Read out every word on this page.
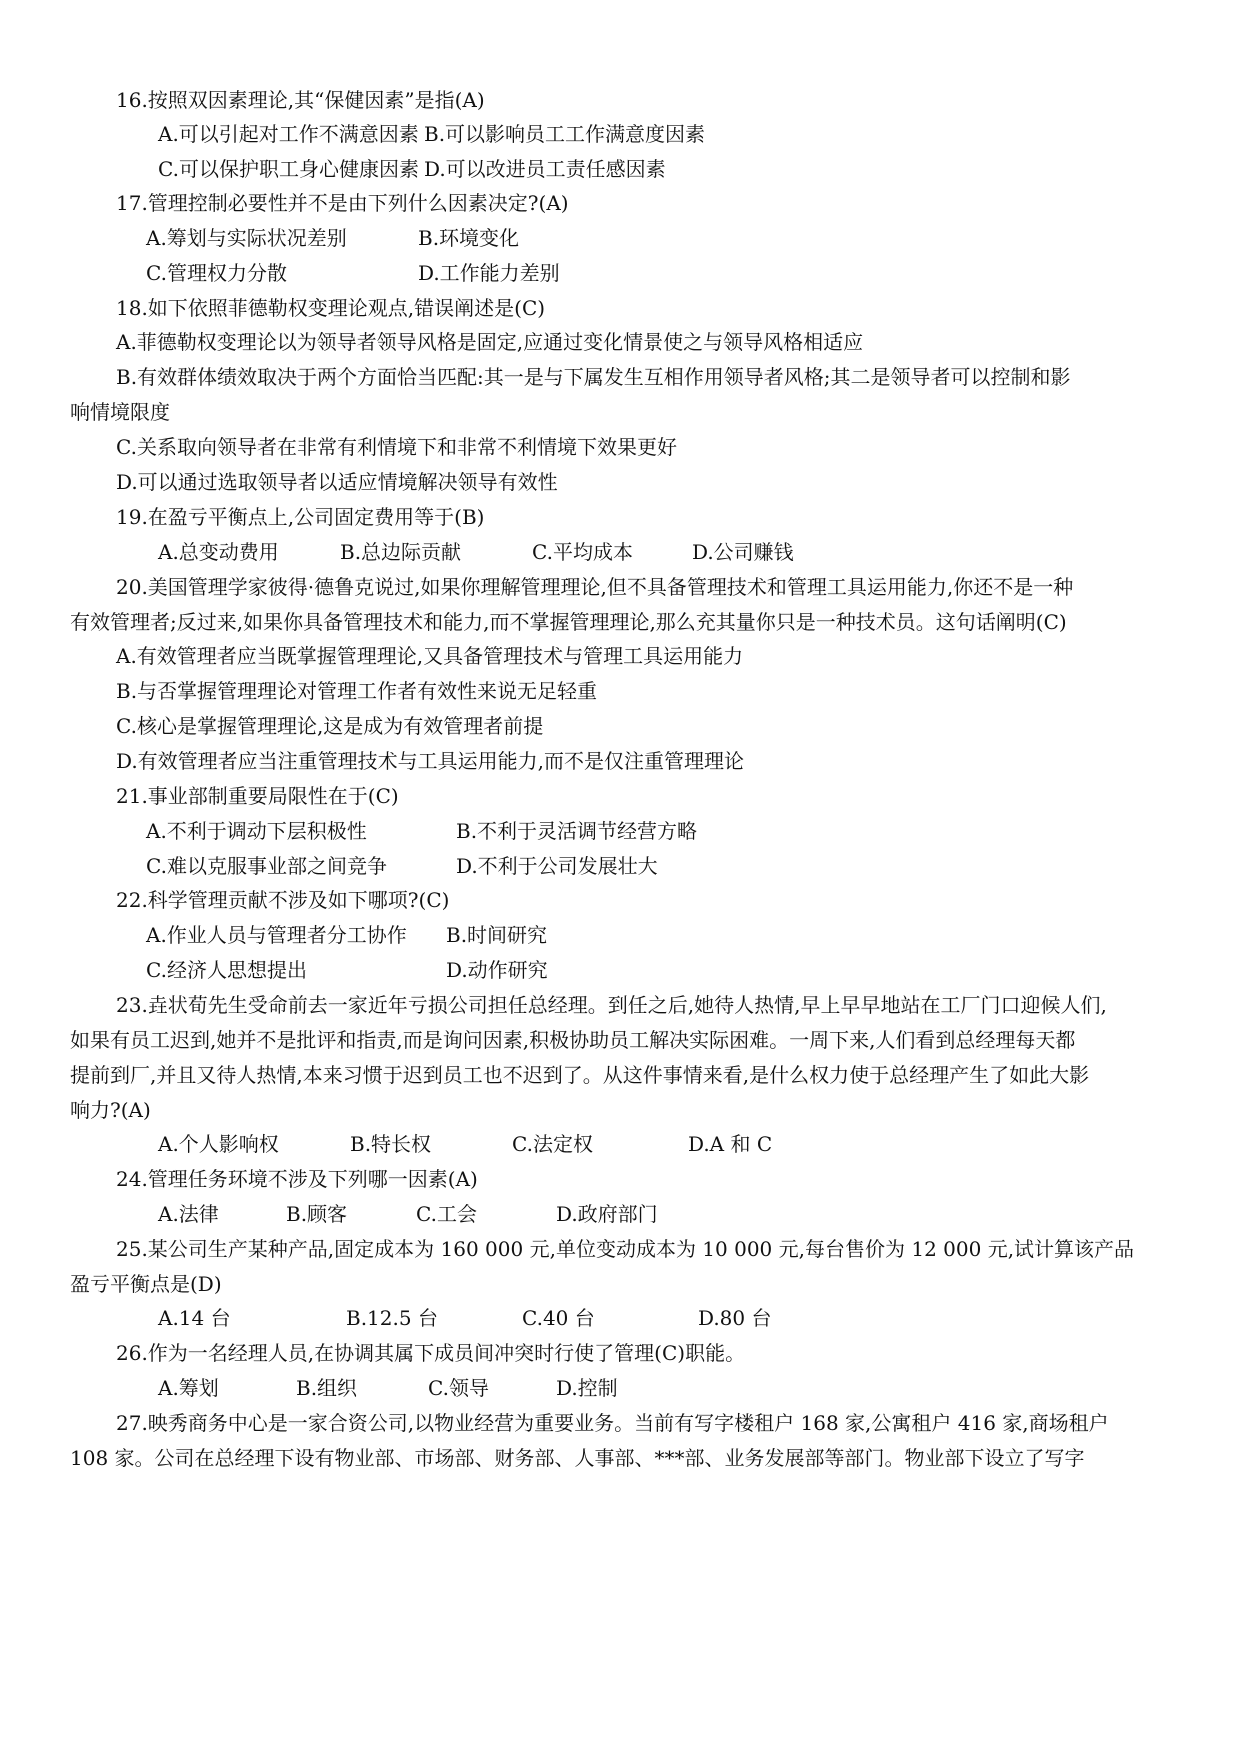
16.按照双因素理论,其“保健因素”是指(A)
A.可以引起对工作不满意因素 B.可以影响员工工作满意度因素
C.可以保护职工身心健康因素 D.可以改进员工责任感因素
17.管理控制必要性并不是由下列什么因素决定?(A)
A.筹划与实际状况差别	B.环境变化
C.管理权力分散	D.工作能力差别
18.如下依照菲德勒权变理论观点,错误阐述是(C)
A.菲德勒权变理论以为领导者领导风格是固定,应通过变化情景使之与领导风格相适应
B.有效群体绩效取决于两个方面恰当匹配:其一是与下属发生互相作用领导者风格;其二是领导者可以控制和影
响情境限度
C.关系取向领导者在非常有利情境下和非常不利情境下效果更好
D.可以通过选取领导者以适应情境解决领导有效性
19.在盈亏平衡点上,公司固定费用等于(B)
A.总变动费用	B.总边际贡献	C.平均成本	D.公司赚钱
20.美国管理学家彼得·德鲁克说过,如果你理解管理理论,但不具备管理技术和管理工具运用能力,你还不是一种
有效管理者;反过来,如果你具备管理技术和能力,而不掌握管理理论,那么充其量你只是一种技术员。这句话阐明(C)
A.有效管理者应当既掌握管理理论,又具备管理技术与管理工具运用能力
B.与否掌握管理理论对管理工作者有效性来说无足轻重
C.核心是掌握管理理论,这是成为有效管理者前提
D.有效管理者应当注重管理技术与工具运用能力,而不是仅注重管理理论
21.事业部制重要局限性在于(C)
A.不利于调动下层积极性	B.不利于灵活调节经营方略
C.难以克服事业部之间竞争	D.不利于公司发展壮大
22.科学管理贡献不涉及如下哪项?(C)
A.作业人员与管理者分工协作 B.时间研究
C.经济人思想提出	D.动作研究
23.垚状荀先生受命前去一家近年亏损公司担任总经理。到任之后,她待人热情,早上早早地站在工厂门口迎候人们,
如果有员工迟到,她并不是批评和指责,而是询问因素,积极协助员工解决实际困难。一周下来,人们看到总经理每天都
提前到厂,并且又待人热情,本来习惯于迟到员工也不迟到了。从这件事情来看,是什么权力使于总经理产生了如此大影
响力?(A)
A.个人影响权	B.特长权	C.法定权	D.A 和 C
24.管理任务环境不涉及下列哪一因素(A)
A.法律	B.顾客	C.工会	D.政府部门
25.某公司生产某种产品,固定成本为 160 000 元,单位变动成本为 10 000 元,每台售价为 12 000 元,试计算该产品
盈亏平衡点是(D)
A.14 台	B.12.5 台	C.40 台	D.80 台
26.作为一名经理人员,在协调其属下成员间冲突时行使了管理(C)职能。
A.筹划	B.组织	C.领导	D.控制
27.映秀商务中心是一家合资公司,以物业经营为重要业务。当前有写字楼租户 168 家,公寓租户 416 家,商场租户
108 家。公司在总经理下设有物业部、市场部、财务部、人事部、***部、业务发展部等部门。物业部下设立了写字
